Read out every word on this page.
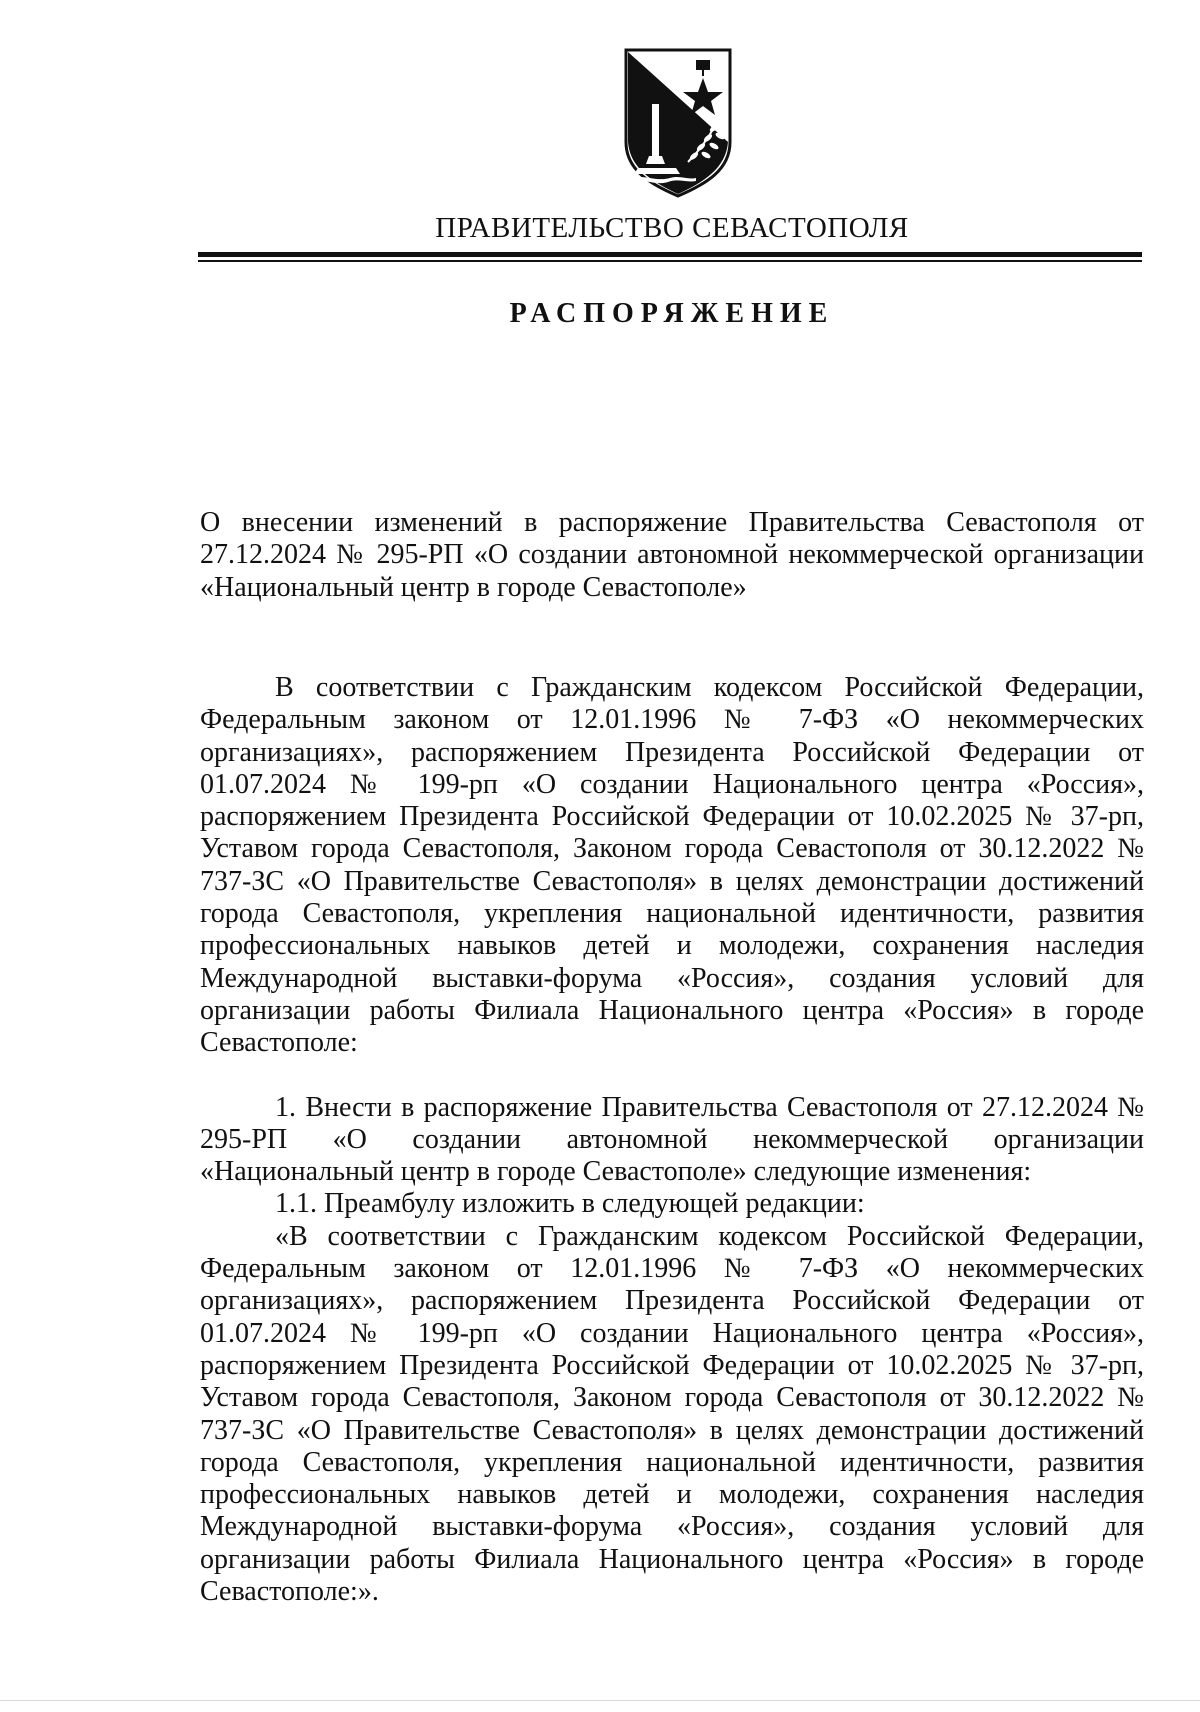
ПРАВИТЕЛЬСТВО СЕВАСТОПОЛЯ
РАСПОРЯЖЕНИЕ
О внесении изменений в распоряжение Правительства Севастополя от 27.12.2024 № 295-РП «О создании автономной некоммерческой организации «Национальный центр в городе Севастополе»

В соответствии с Гражданским кодексом Российской Федерации, Федеральным законом от 12.01.1996 № 7-ФЗ «О некоммерческих организациях», распоряжением Президента Российской Федерации от 01.07.2024 № 199-рп «О создании Национального центра «Россия», распоряжением Президента Российской Федерации от 10.02.2025 № 37-рп, Уставом города Севастополя, Законом города Севастополя от 30.12.2022 № 737-ЗС «О Правительстве Севастополя» в целях демонстрации достижений города Севастополя, укрепления национальной идентичности, развития профессиональных навыков детей и молодежи, сохранения наследия Международной выставки-форума «Россия», создания условий для организации работы Филиала Национального центра «Россия» в городе Севастополе:

1. Внести в распоряжение Правительства Севастополя от 27.12.2024 № 295-РП «О создании автономной некоммерческой организации «Национальный центр в городе Севастополе» следующие изменения:

1.1. Преамбулу изложить в следующей редакции:

«В соответствии с Гражданским кодексом Российской Федерации, Федеральным законом от 12.01.1996 № 7-ФЗ «О некоммерческих организациях», распоряжением Президента Российской Федерации от 01.07.2024 № 199-рп «О создании Национального центра «Россия», распоряжением Президента Российской Федерации от 10.02.2025 № 37-рп, Уставом города Севастополя, Законом города Севастополя от 30.12.2022 № 737-ЗС «О Правительстве Севастополя» в целях демонстрации достижений города Севастополя, укрепления национальной идентичности, развития профессиональных навыков детей и молодежи, сохранения наследия Международной выставки-форума «Россия», создания условий для организации работы Филиала Национального центра «Россия» в городе Севастополе:».
